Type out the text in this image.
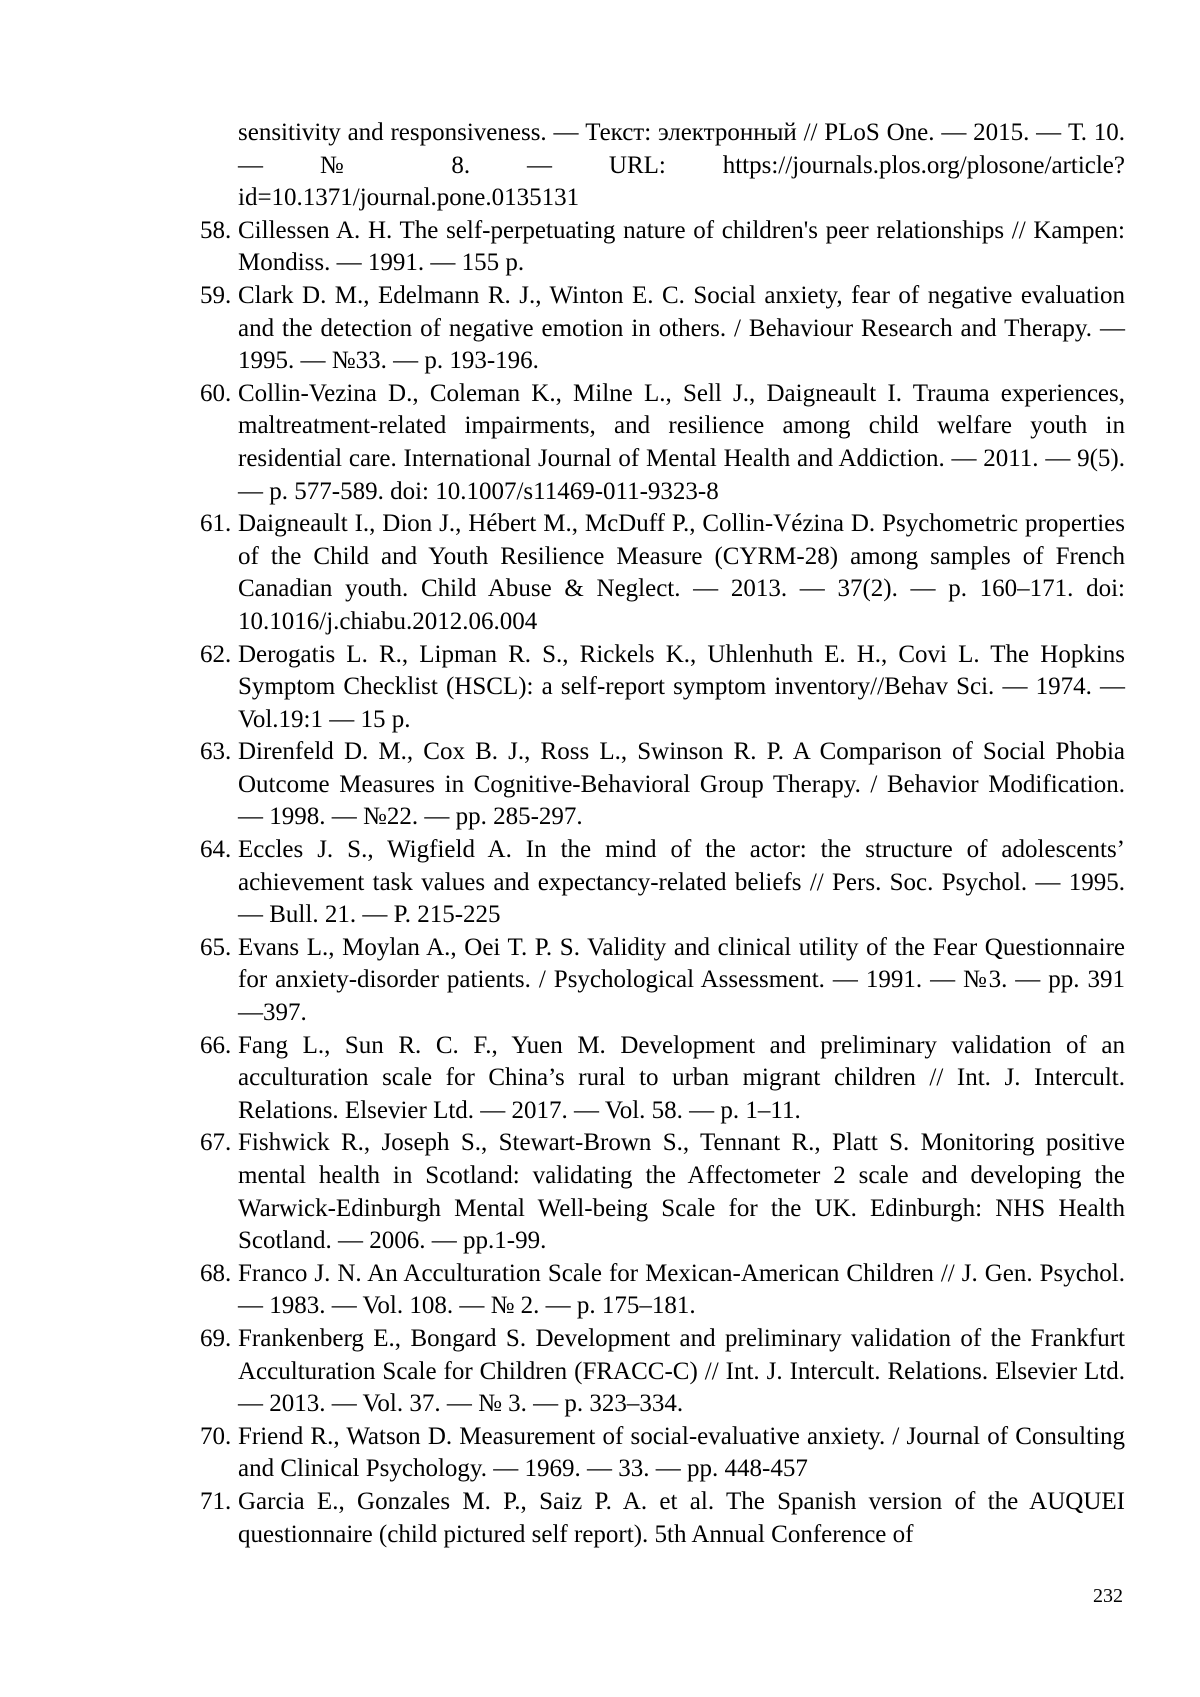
sensitivity and responsiveness. — Текст: электронный // PLoS One. — 2015. — Т. 10. — № 8. — URL: https://journals.plos.org/plosone/article?id=10.1371/journal.pone.0135131

58. Cillessen A. H. The self-perpetuating nature of children's peer relationships // Kampen: Mondiss. — 1991. — 155 p.

59. Clark D. M., Edelmann R. J., Winton E. C. Social anxiety, fear of negative evaluation and the detection of negative emotion in others. / Behaviour Research and Therapy. — 1995. — №33. — p. 193-196.

60. Collin-Vezina D., Coleman K., Milne L., Sell J., Daigneault I. Trauma experiences, maltreatment-related impairments, and resilience among child welfare youth in residential care. International Journal of Mental Health and Addiction. — 2011. — 9(5). — p. 577-589. doi: 10.1007/s11469-011-9323-8

61. Daigneault I., Dion J., Hébert M., McDuff P., Collin-Vézina D. Psychometric properties of the Child and Youth Resilience Measure (CYRM-28) among samples of French Canadian youth. Child Abuse & Neglect. — 2013. — 37(2). — p. 160–171. doi: 10.1016/j.chiabu.2012.06.004

62. Derogatis L. R., Lipman R. S., Rickels K., Uhlenhuth E. H., Covi L. The Hopkins Symptom Checklist (HSCL): a self-report symptom inventory//Behav Sci. — 1974. — Vol.19:1 — 15 p.

63. Direnfeld D. M., Cox B. J., Ross L., Swinson R. P. A Comparison of Social Phobia Outcome Measures in Cognitive-Behavioral Group Therapy. / Behavior Modification. — 1998. — №22. — pp. 285-297.

64. Eccles J. S., Wigfield A. In the mind of the actor: the structure of adolescents’ achievement task values and expectancy-related beliefs // Pers. Soc. Psychol. — 1995. — Bull. 21. — P. 215-225

65. Evans L., Moylan A., Oei T. P. S. Validity and clinical utility of the Fear Questionnaire for anxiety-disorder patients. / Psychological Assessment. — 1991. — №3. — pp. 391—397.

66. Fang L., Sun R. C. F., Yuen M. Development and preliminary validation of an acculturation scale for China’s rural to urban migrant children // Int. J. Intercult. Relations. Elsevier Ltd. — 2017. — Vol. 58. — p. 1–11.

67. Fishwick R., Joseph S., Stewart-Brown S., Tennant R., Platt S. Monitoring positive mental health in Scotland: validating the Affectometer 2 scale and developing the Warwick-Edinburgh Mental Well-being Scale for the UK. Edinburgh: NHS Health Scotland. — 2006. — pp.1-99.

68. Franco J. N. An Acculturation Scale for Mexican-American Children // J. Gen. Psychol. — 1983. — Vol. 108. — № 2. — p. 175–181.

69. Frankenberg E., Bongard S. Development and preliminary validation of the Frankfurt Acculturation Scale for Children (FRACC-C) // Int. J. Intercult. Relations. Elsevier Ltd. — 2013. — Vol. 37. — № 3. — p. 323–334.

70. Friend R., Watson D. Measurement of social-evaluative anxiety. / Journal of Consulting and Clinical Psychology. — 1969. — 33. — pp. 448-457

71. Garcia E., Gonzales M. P., Saiz P. A. et al. The Spanish version of the AUQUEI questionnaire (child pictured self report). 5th Annual Conference of

232
